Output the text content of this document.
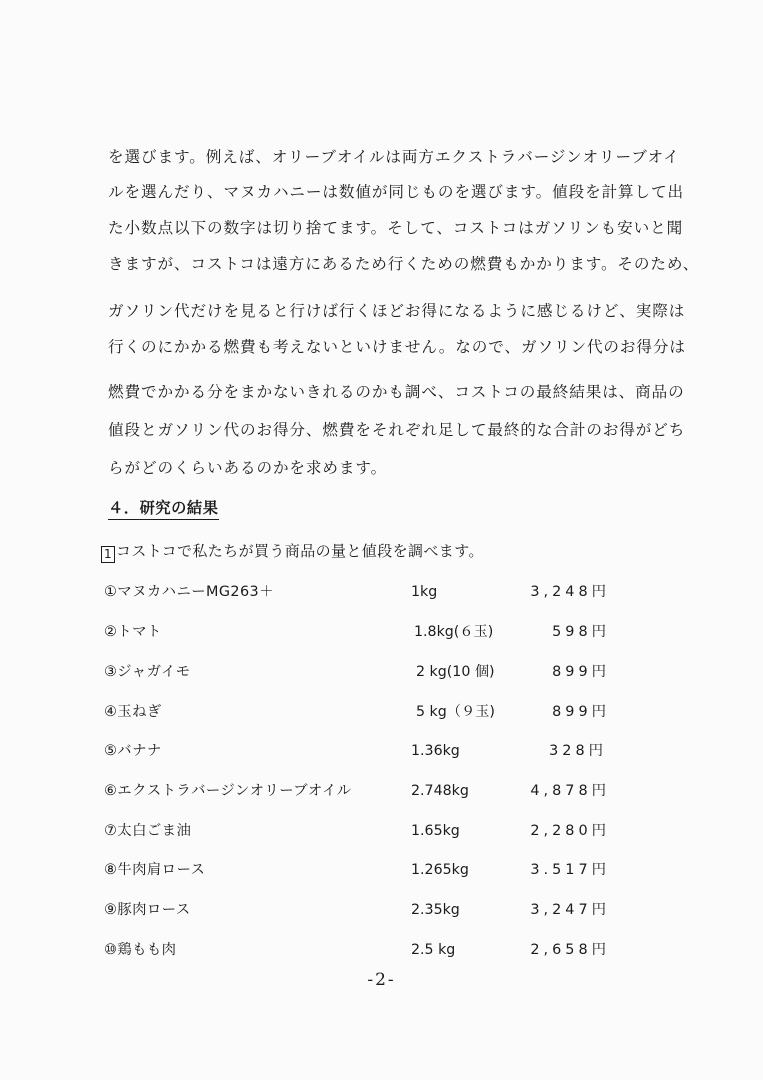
を選びます。例えば、オリーブオイルは両方エクストラバージンオリーブオイ
ルを選んだり、マヌカハニーは数値が同じものを選びます。値段を計算して出
た小数点以下の数字は切り捨てます。そして、コストコはガソリンも安いと聞
きますが、コストコは遠方にあるため行くための燃費もかかります。そのため、
ガソリン代だけを見ると行けば行くほどお得になるように感じるけど、実際は
行くのにかかる燃費も考えないといけません。なので、ガソリン代のお得分は
燃費でかかる分をまかないきれるのかも調べ、コストコの最終結果は、商品の
値段とガソリン代のお得分、燃費をそれぞれ足して最終的な合計のお得がどち
らがどのくらいあるのかを求めます。
４．研究の結果
1 コストコで私たちが買う商品の量と値段を調べます。
①マヌカハニーMG263＋	1kg	3,248円
②トマト	1.8kg(６玉)	598円
③ジャガイモ	2 kg(10 個)	899円
④玉ねぎ	5 kg（９玉)	899円
⑤バナナ	1.36kg	328円
⑥エクストラバージンオリーブオイル	2.748kg	4,878円
⑦太白ごま油	1.65kg	2,280円
⑧牛肉肩ロース	1.265kg	3.517円
⑨豚肉ロース	2.35kg	3,247円
⑩鶏もも肉	2.5 kg	2,658円
-2-
